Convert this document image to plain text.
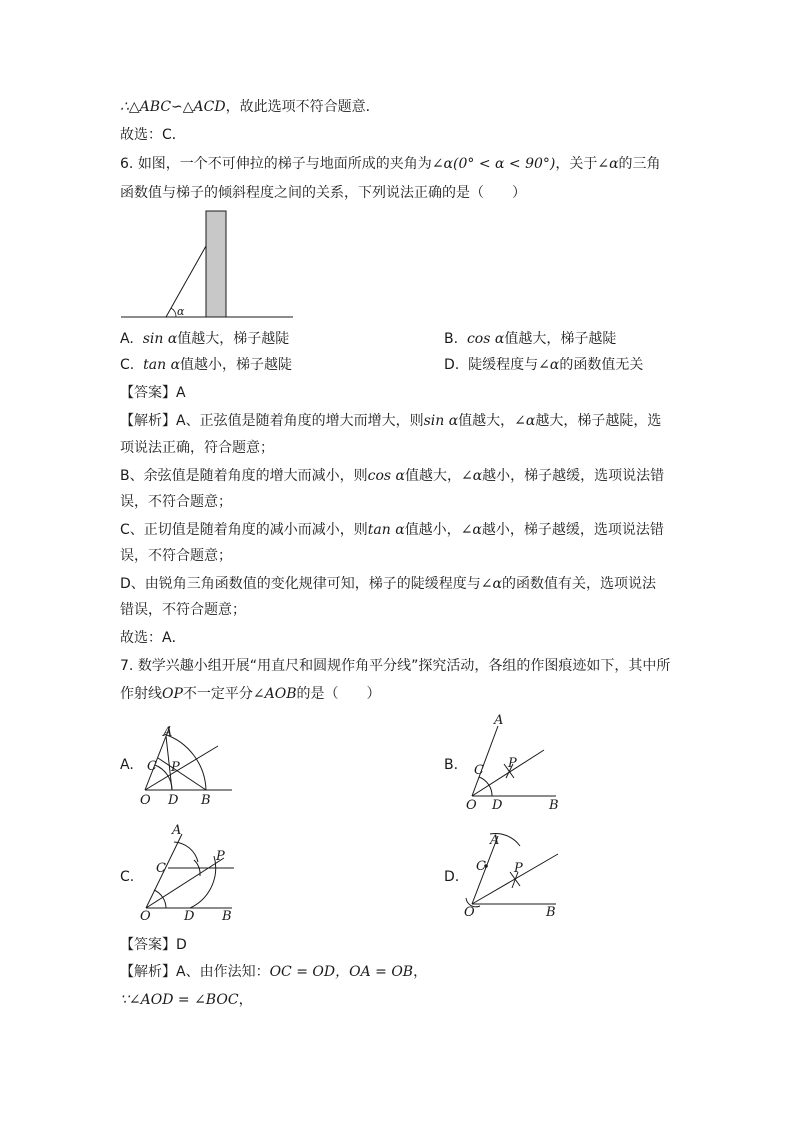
∴△ABC∽△ACD，故此选项不符合题意．
故选：C．
6. 如图，一个不可伸拉的梯子与地面所成的夹角为∠α(0° < α < 90°)，关于∠α的三角
函数值与梯子的倾斜程度之间的关系，下列说法正确的是（　　）
α
A. sin α值越大，梯子越陡	B. cos α值越大，梯子越陡
C. tan α值越小，梯子越陡	D. 陡缓程度与∠α的函数值无关
【答案】A
【解析】A、正弦值是随着角度的增大而增大，则sin α值越大，∠α越大，梯子越陡，选
项说法正确，符合题意；
B、余弦值是随着角度的增大而减小，则cos α值越大，∠α越小，梯子越缓，选项说法错
误，不符合题意；
C、正切值是随着角度的减小而减小，则tan α值越小，∠α越小，梯子越缓，选项说法错
误，不符合题意；
D、由锐角三角函数值的变化规律可知，梯子的陡缓程度与∠α的函数值有关，选项说法
错误，不符合题意；
故选：A．
7. 数学兴趣小组开展“用直尺和圆规作角平分线”探究活动，各组的作图痕迹如下，其中所
作射线OP不一定平分∠AOB的是（　　）
A.	B.
C.	D.
A
C P
O D B
A
C P
O D	B
A
C
P
O	D B
A
C P
O	B
【答案】D
【解析】A、由作法知：OC = OD，OA = OB，
∵∠AOD = ∠BOC，
